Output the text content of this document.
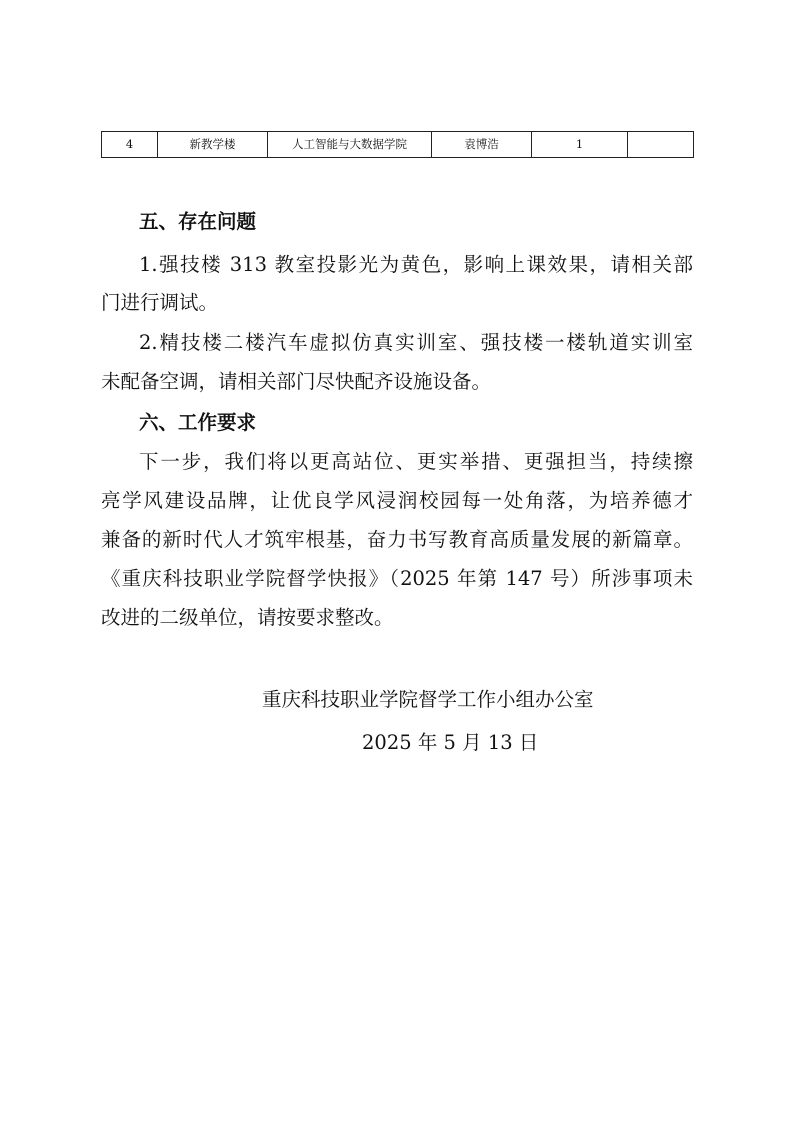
4	新教学楼	人工智能与大数据学院	袁博浩	1	
五、存在问题
1.强技楼 313 教室投影光为黄色，影响上课效果，请相关部
门进行调试。
2.精技楼二楼汽车虚拟仿真实训室、强技楼一楼轨道实训室
未配备空调，请相关部门尽快配齐设施设备。
六、工作要求
下一步，我们将以更高站位、更实举措、更强担当，持续擦
亮学风建设品牌，让优良学风浸润校园每一处角落，为培养德才
兼备的新时代人才筑牢根基，奋力书写教育高质量发展的新篇章。
《重庆科技职业学院督学快报》（2025 年第 147 号）所涉事项未
改进的二级单位，请按要求整改。
重庆科技职业学院督学工作小组办公室
2025 年 5 月 13 日
